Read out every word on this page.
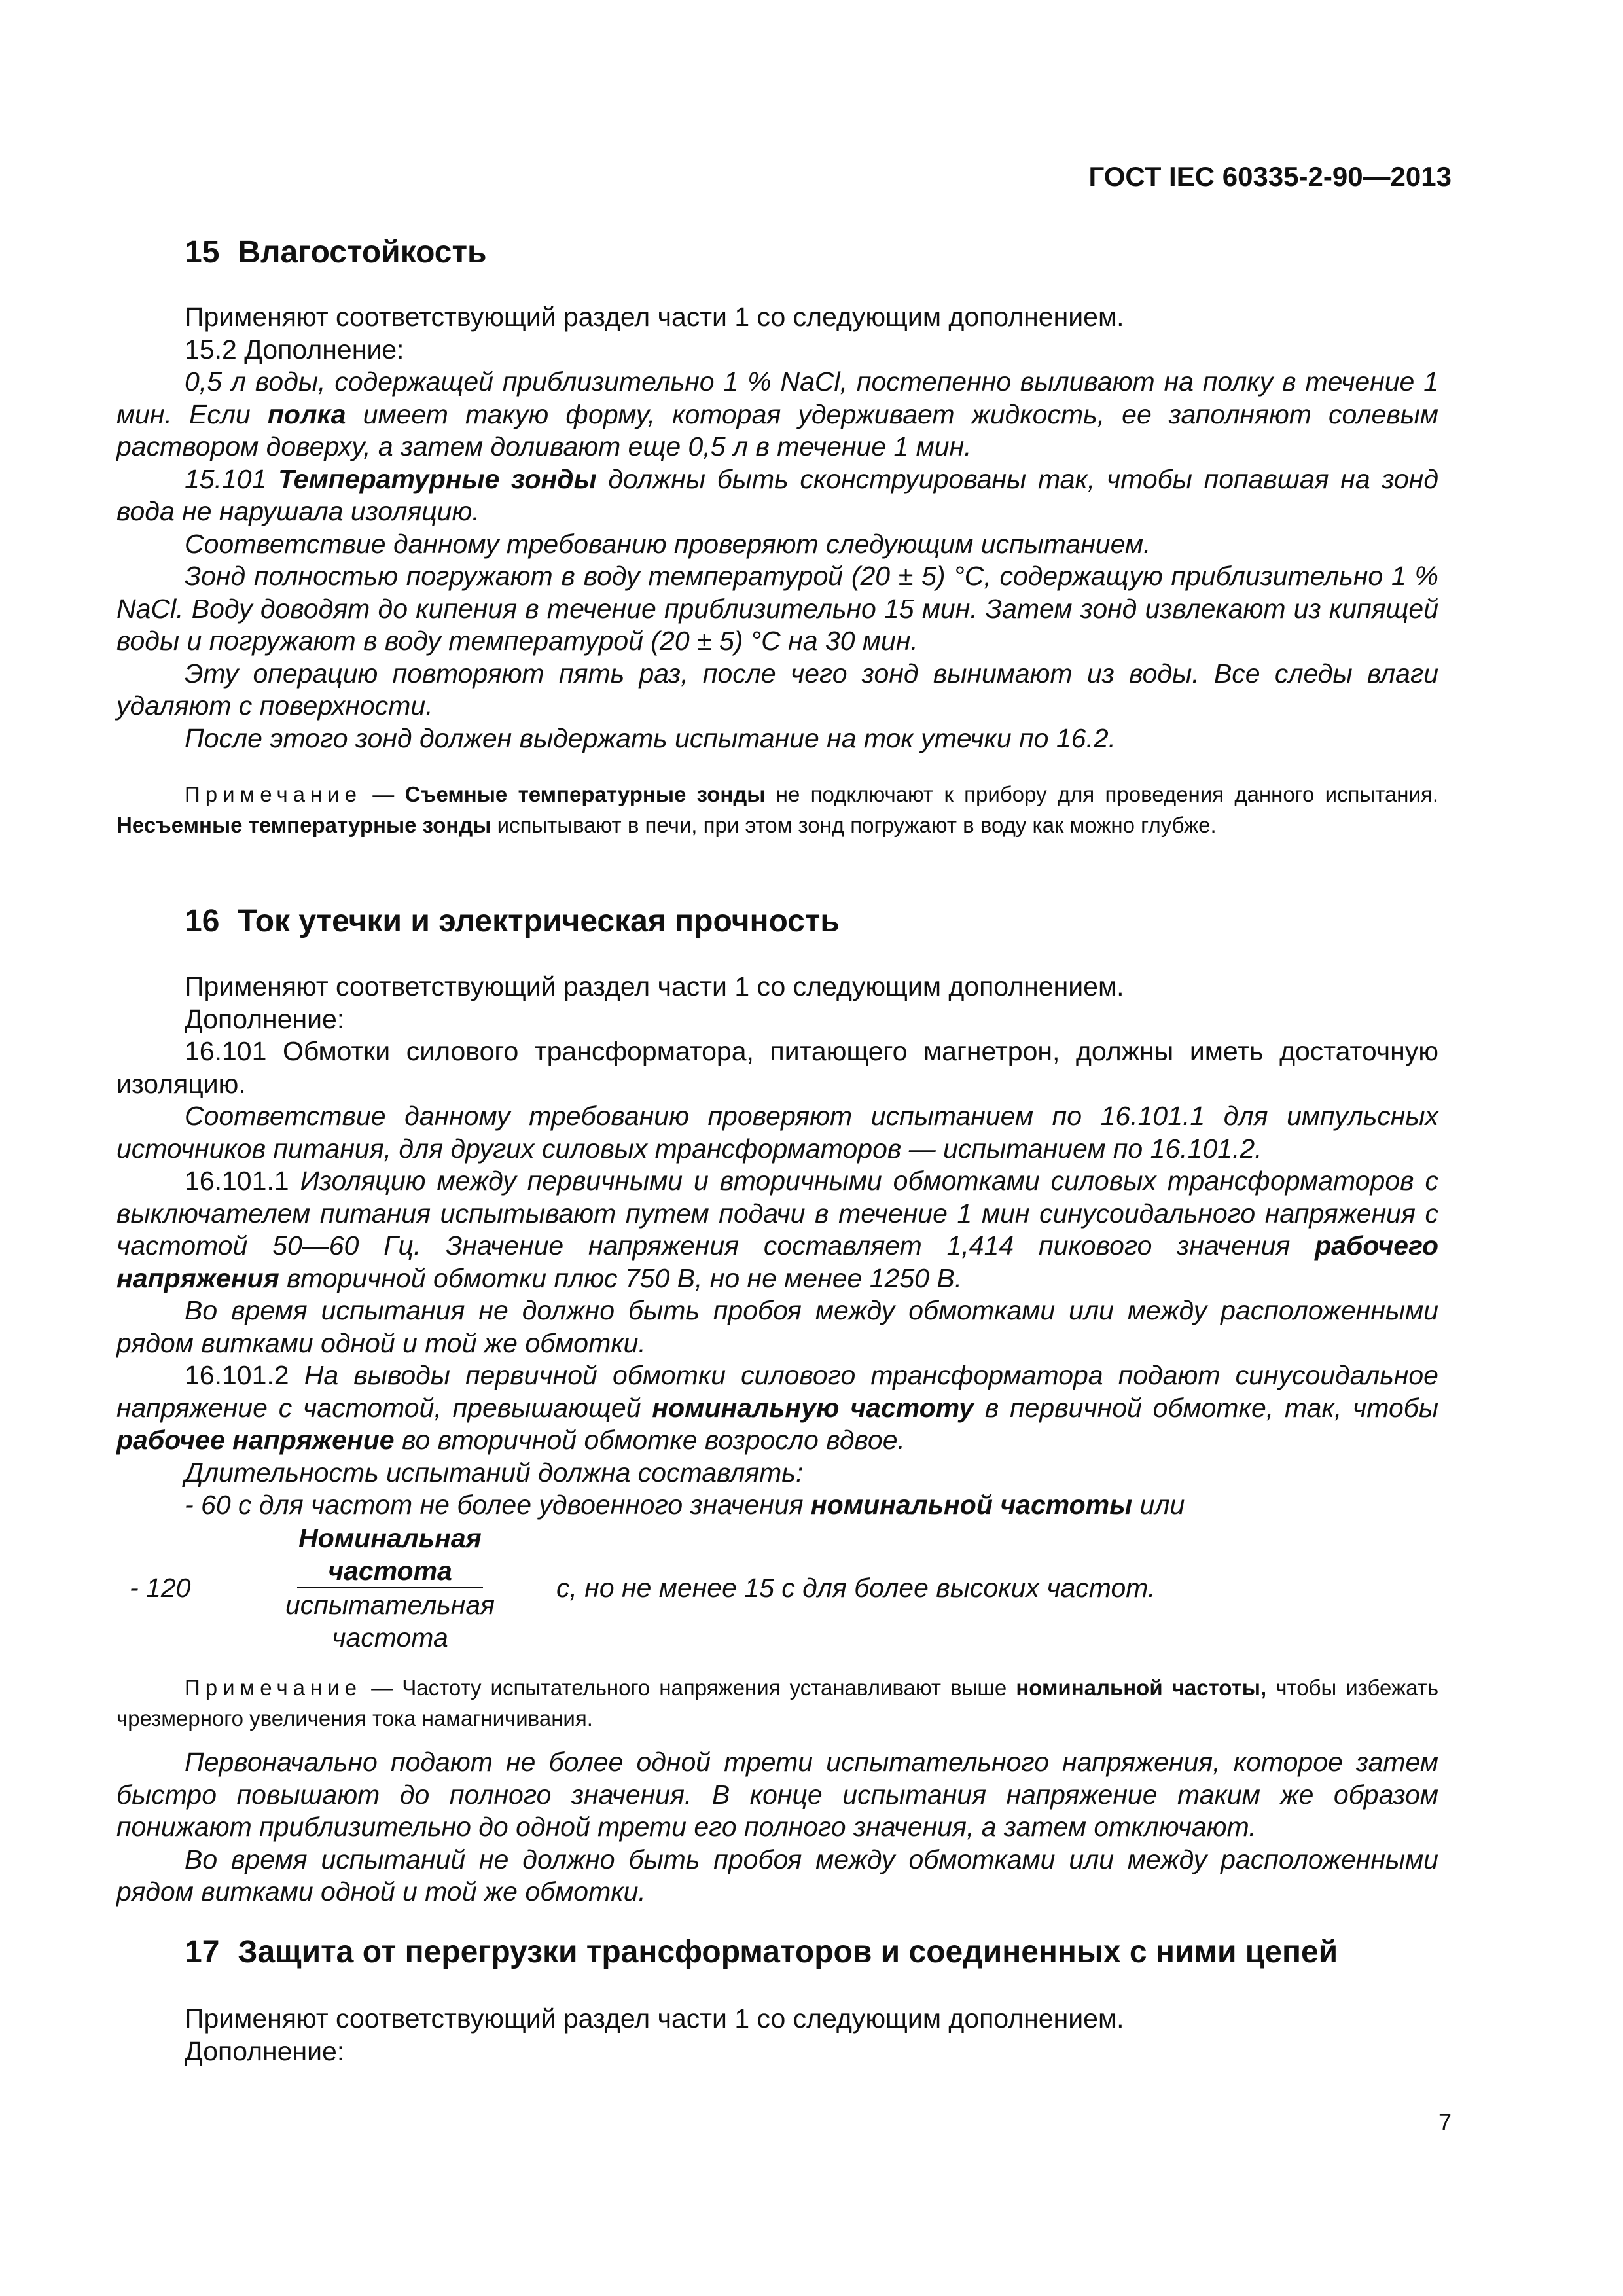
ГОСТ IEC 60335-2-90—2013
15 Влагостойкость

Применяют соответствующий раздел части 1 со следующим дополнением.

15.2 Дополнение:

0,5 л воды, содержащей приблизительно 1 % NaCl, постепенно выливают на полку в течение 1 мин. Если полка имеет такую форму, которая удерживает жидкость, ее заполняют солевым раствором доверху, а затем доливают еще 0,5 л в течение 1 мин.

15.101 Температурные зонды должны быть сконструированы так, чтобы попавшая на зонд вода не нарушала изоляцию.

Соответствие данному требованию проверяют следующим испытанием.

Зонд полностью погружают в воду температурой (20 ± 5) °С, содержащую приблизительно 1 % NaCl. Воду доводят до кипения в течение приблизительно 15 мин. Затем зонд извлекают из кипящей воды и погружают в воду температурой (20 ± 5) °С на 30 мин.

Эту операцию повторяют пять раз, после чего зонд вынимают из воды. Все следы влаги удаляют с поверхности.

После этого зонд должен выдержать испытание на ток утечки по 16.2.

Примечание — Съемные температурные зонды не подключают к прибору для проведения данного испытания. Несъемные температурные зонды испытывают в печи, при этом зонд погружают в воду как можно глубже.

16 Ток утечки и электрическая прочность

Применяют соответствующий раздел части 1 со следующим дополнением.

Дополнение:

16.101 Обмотки силового трансформатора, питающего магнетрон, должны иметь достаточную изоляцию.

Соответствие данному требованию проверяют испытанием по 16.101.1 для импульсных источников питания, для других силовых трансформаторов — испытанием по 16.101.2.

16.101.1 Изоляцию между первичными и вторичными обмотками силовых трансформаторов с выключателем питания испытывают путем подачи в течение 1 мин синусоидального напряжения с частотой 50—60 Гц. Значение напряжения составляет 1,414 пикового значения рабочего напряжения вторичной обмотки плюс 750 В, но не менее 1250 В.

Во время испытания не должно быть пробоя между обмотками или между расположенными рядом витками одной и той же обмотки.

16.101.2 На выводы первичной обмотки силового трансформатора подают синусоидальное напряжение с частотой, превышающей номинальную частоту в первичной обмотке, так, чтобы рабочее напряжение во вторичной обмотке возросло вдвое.

Длительность испытаний должна составлять:

- 60 с для частот не более удвоенного значения номинальной частоты или

- 120
Номинальная
частота
испытательная
частота
с, но не менее 15 с для более высоких частот.

Примечание — Частоту испытательного напряжения устанавливают выше номинальной частоты, чтобы избежать чрезмерного увеличения тока намагничивания.

Первоначально подают не более одной трети испытательного напряжения, которое затем быстро повышают до полного значения. В конце испытания напряжение таким же образом понижают приблизительно до одной трети его полного значения, а затем отключают.

Во время испытаний не должно быть пробоя между обмотками или между расположенными рядом витками одной и той же обмотки.

17 Защита от перегрузки трансформаторов и соединенных с ними цепей

Применяют соответствующий раздел части 1 со следующим дополнением.

Дополнение:

7
